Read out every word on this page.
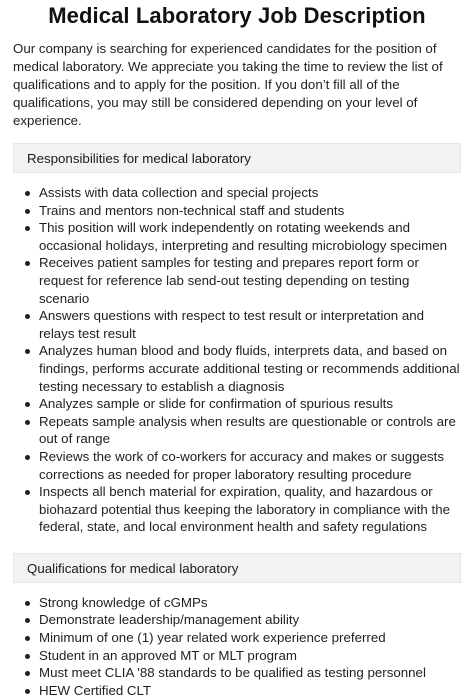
Medical Laboratory Job Description

Our company is searching for experienced candidates for the position of medical laboratory. We appreciate you taking the time to review the list of qualifications and to apply for the position. If you don’t fill all of the qualifications, you may still be considered depending on your level of experience.

Responsibilities for medical laboratory
Assists with data collection and special projects
Trains and mentors non-technical staff and students
This position will work independently on rotating weekends and occasional holidays, interpreting and resulting microbiology specimen
Receives patient samples for testing and prepares report form or request for reference lab send-out testing depending on testing scenario
Answers questions with respect to test result or interpretation and relays test result
Analyzes human blood and body fluids, interprets data, and based on findings, performs accurate additional testing or recommends additional testing necessary to establish a diagnosis
Analyzes sample or slide for confirmation of spurious results
Repeats sample analysis when results are questionable or controls are out of range
Reviews the work of co-workers for accuracy and makes or suggests corrections as needed for proper laboratory resulting procedure
Inspects all bench material for expiration, quality, and hazardous or biohazard potential thus keeping the laboratory in compliance with the federal, state, and local environment health and safety regulations
Qualifications for medical laboratory
Strong knowledge of cGMPs
Demonstrate leadership/management ability
Minimum of one (1) year related work experience preferred
Student in an approved MT or MLT program
Must meet CLIA '88 standards to be qualified as testing personnel
HEW Certified CLT
